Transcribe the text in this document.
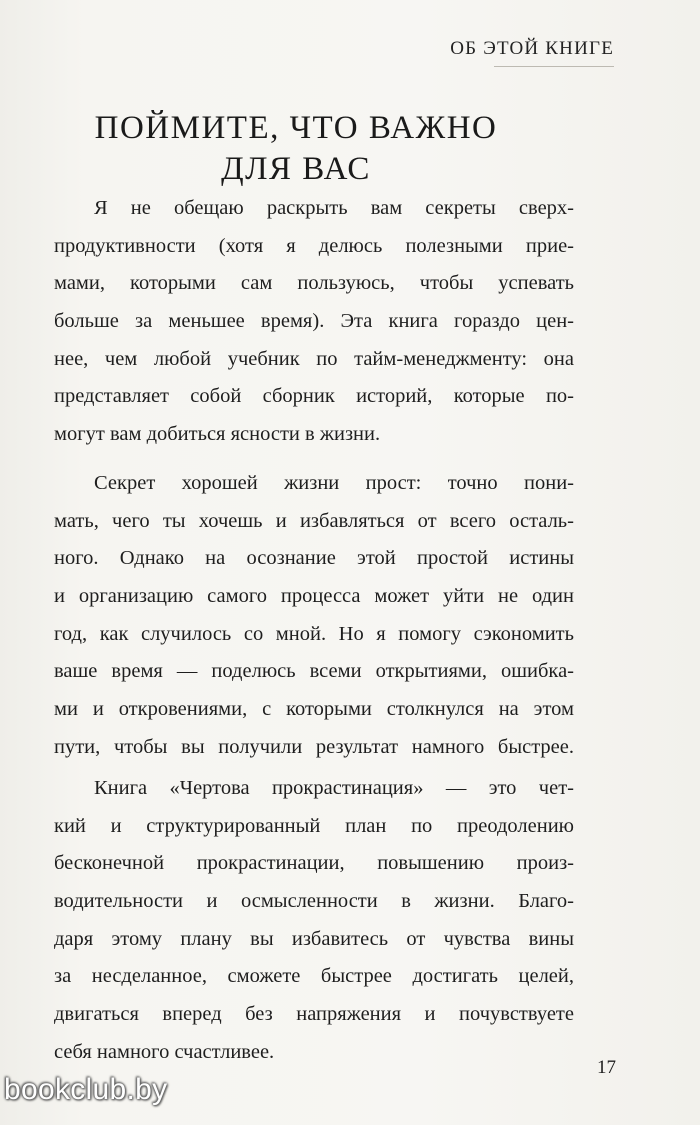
ОБ ЭТОЙ КНИГЕ
ПОЙМИТЕ, ЧТО ВАЖНО
ДЛЯ ВАС
Я не обещаю раскрыть вам секреты сверх-
продуктивности (хотя я делюсь полезными прие-
мами, которыми сам пользуюсь, чтобы успевать
больше за меньшее время). Эта книга гораздо цен-
нее, чем любой учебник по тайм-менеджменту: она
представляет собой сборник историй, которые по-
могут вам добиться ясности в жизни.
Секрет хорошей жизни прост: точно пони-
мать, чего ты хочешь и избавляться от всего осталь-
ного. Однако на осознание этой простой истины
и организацию самого процесса может уйти не один
год, как случилось со мной. Но я помогу сэкономить
ваше время — поделюсь всеми открытиями, ошибка-
ми и откровениями, с которыми столкнулся на этом
пути, чтобы вы получили результат намного быстрее.
Книга «Чертова прокрастинация» — это чет-
кий и структурированный план по преодолению
бесконечной прокрастинации, повышению произ-
водительности и осмысленности в жизни. Благо-
даря этому плану вы избавитесь от чувства вины
за несделанное, сможете быстрее достигать целей,
двигаться вперед без напряжения и почувствуете
себя намного счастливее.
17
bookclub.by
